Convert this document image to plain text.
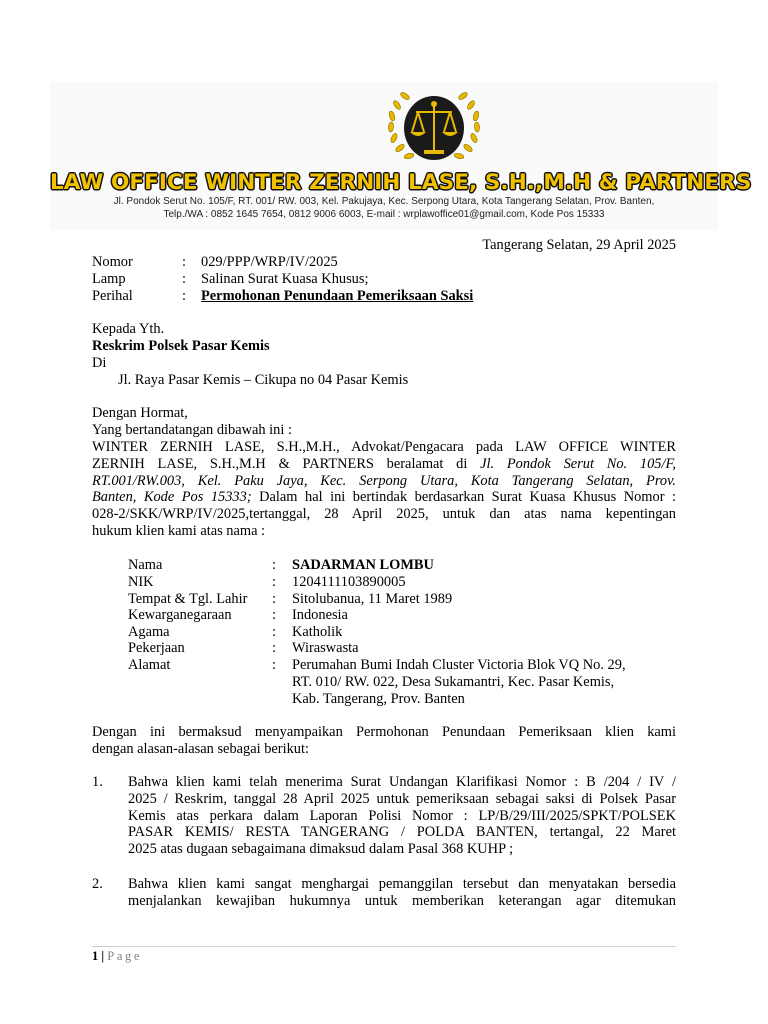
LAW OFFICE WINTER ZERNIH LASE, S.H.,M.H & PARTNERS
Jl. Pondok Serut No. 105/F, RT. 001/ RW. 003, Kel. Pakujaya, Kec. Serpong Utara, Kota Tangerang Selatan, Prov. Banten,
Telp./WA : 0852 1645 7654, 0812 9006 6003, E-mail : wrplawoffice01@gmail.com, Kode Pos 15333
Tangerang Selatan, 29 April 2025
Nomor	: 029/PPP/WRP/IV/2025
Lamp	: Salinan Surat Kuasa Khusus;
Perihal	: Permohonan Penundaan Pemeriksaan Saksi
Kepada Yth.
Reskrim Polsek Pasar Kemis
Di
Jl. Raya Pasar Kemis – Cikupa no 04 Pasar Kemis
Dengan Hormat,
Yang bertandatangan dibawah ini :
WINTER ZERNIH LASE, S.H.,M.H., Advokat/Pengacara pada LAW OFFICE WINTER
ZERNIH LASE, S.H.,M.H & PARTNERS beralamat di Jl. Pondok Serut No. 105/F,
RT.001/RW.003, Kel. Paku Jaya, Kec. Serpong Utara, Kota Tangerang Selatan, Prov.
Banten, Kode Pos 15333; Dalam hal ini bertindak berdasarkan Surat Kuasa Khusus Nomor :
028-2/SKK/WRP/IV/2025,tertanggal, 28 April 2025, untuk dan atas nama kepentingan
hukum klien kami atas nama :
Nama	: SADARMAN LOMBU
NIK	: 1204111103890005
Tempat & Tgl. Lahir : Sitolubanua, 11 Maret 1989
Kewarganegaraan	: Indonesia
Agama	: Katholik
Pekerjaan	: Wiraswasta
Alamat	: Perumahan Bumi Indah Cluster Victoria Blok VQ No. 29,
RT. 010/ RW. 022, Desa Sukamantri, Kec. Pasar Kemis,
Kab. Tangerang, Prov. Banten
Dengan ini bermaksud menyampaikan Permohonan Penundaan Pemeriksaan klien kami
dengan alasan-alasan sebagai berikut:
1. Bahwa klien kami telah menerima Surat Undangan Klarifikasi Nomor : B /204 / IV /
2025 / Reskrim, tanggal 28 April 2025 untuk pemeriksaan sebagai saksi di Polsek Pasar
Kemis atas perkara dalam Laporan Polisi Nomor : LP/B/29/III/2025/SPKT/POLSEK
PASAR KEMIS/ RESTA TANGERANG / POLDA BANTEN, tertangal, 22 Maret
2025 atas dugaan sebagaimana dimaksud dalam Pasal 368 KUHP ;
2. Bahwa klien kami sangat menghargai pemanggilan tersebut dan menyatakan bersedia
menjalankan kewajiban hukumnya untuk memberikan keterangan agar ditemukan
1 | Page
